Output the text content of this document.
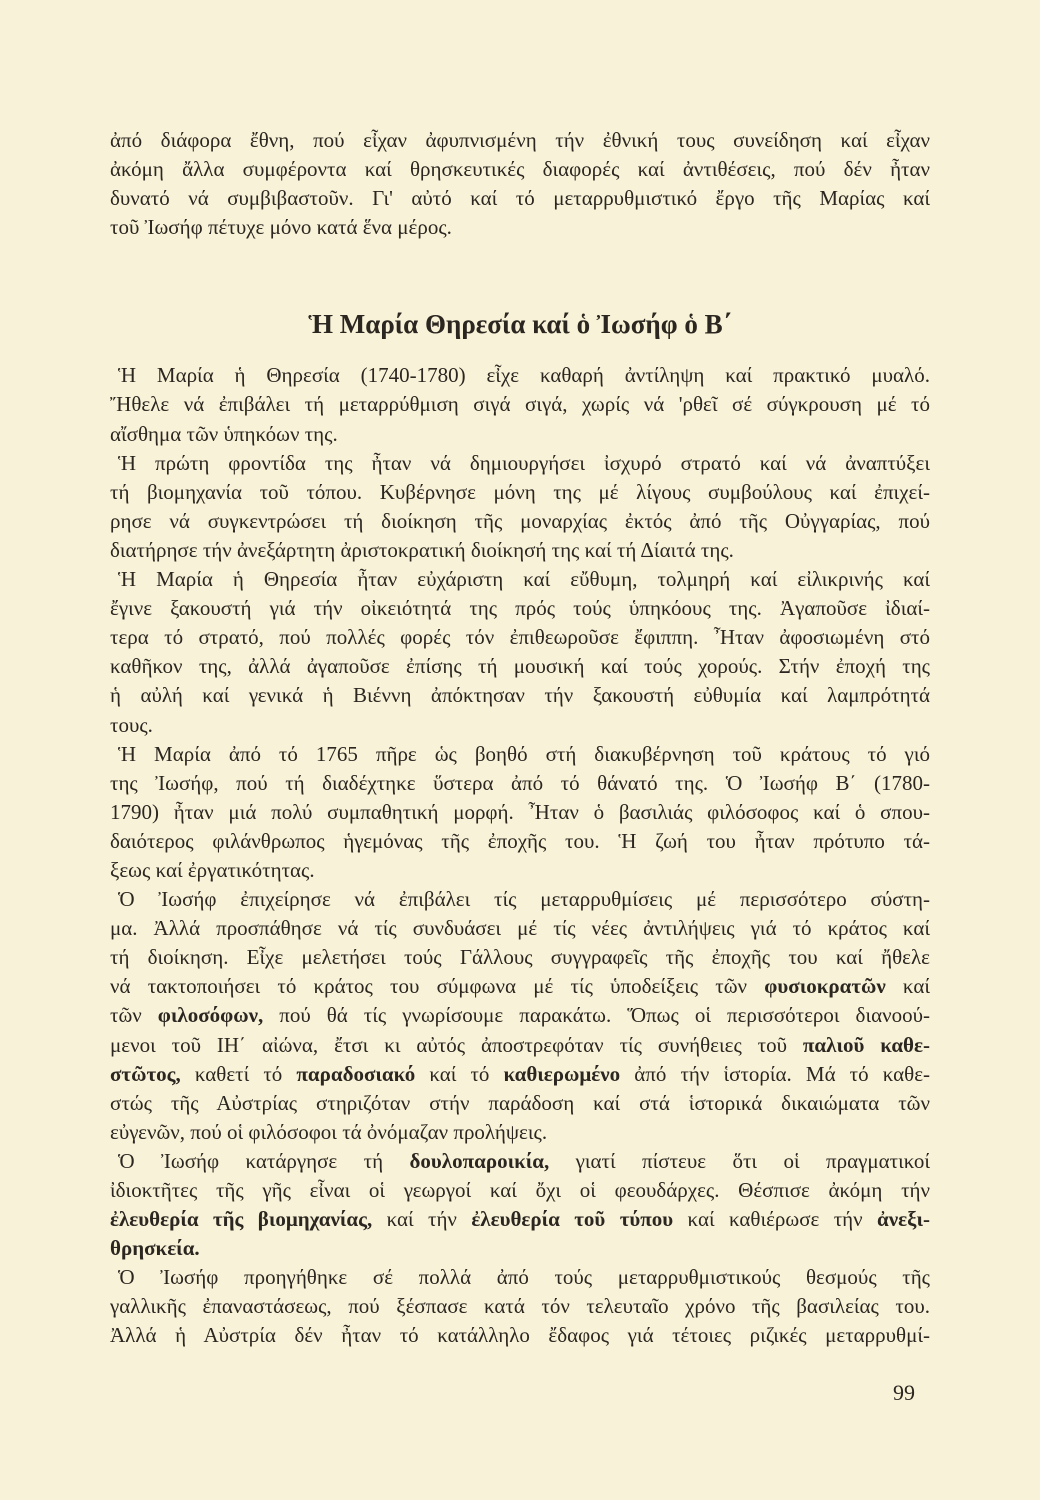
ἀπό διάφορα ἔθνη, πού εἶχαν ἀφυπνισμένη τήν ἐθνική τους συνείδηση καί εἶχαν
ἀκόμη ἄλλα συμφέροντα καί θρησκευτικές διαφορές καί ἀντιθέσεις, πού δέν ἦταν
δυνατό νά συμβιβαστοῦν. Γι' αὐτό καί τό μεταρρυθμιστικό ἔργο τῆς Μαρίας καί
τοῦ Ἰωσήφ πέτυχε μόνο κατά ἕνα μέρος.
Ἡ Μαρία Θηρεσία καί ὁ Ἰωσήφ ὁ Β΄
Ἡ Μαρία ἡ Θηρεσία (1740-1780) εἶχε καθαρή ἀντίληψη καί πρακτικό μυαλό.
Ἤθελε νά ἐπιβάλει τή μεταρρύθμιση σιγά σιγά, χωρίς νά 'ρθεῖ σέ σύγκρουση μέ τό
αἴσθημα τῶν ὑπηκόων της.
Ἡ πρώτη φροντίδα της ἦταν νά δημιουργήσει ἰσχυρό στρατό καί νά ἀναπτύξει
τή βιομηχανία τοῦ τόπου. Κυβέρνησε μόνη της μέ λίγους συμβούλους καί ἐπιχεί-
ρησε νά συγκεντρώσει τή διοίκηση τῆς μοναρχίας ἐκτός ἀπό τῆς Οὐγγαρίας, πού
διατήρησε τήν ἀνεξάρτητη ἀριστοκρατική διοίκησή της καί τή Δίαιτά της.
Ἡ Μαρία ἡ Θηρεσία ἦταν εὐχάριστη καί εὔθυμη, τολμηρή καί εἰλικρινής καί
ἔγινε ξακουστή γιά τήν οἰκειότητά της πρός τούς ὑπηκόους της. Ἀγαποῦσε ἰδιαί-
τερα τό στρατό, πού πολλές φορές τόν ἐπιθεωροῦσε ἔφιππη. Ἦταν ἀφοσιωμένη στό
καθῆκον της, ἀλλά ἀγαποῦσε ἐπίσης τή μουσική καί τούς χορούς. Στήν ἐποχή της
ἡ αὐλή καί γενικά ἡ Βιέννη ἀπόκτησαν τήν ξακουστή εὐθυμία καί λαμπρότητά
τους.
Ἡ Μαρία ἀπό τό 1765 πῆρε ὡς βοηθό στή διακυβέρνηση τοῦ κράτους τό γιό
της Ἰωσήφ, πού τή διαδέχτηκε ὕστερα ἀπό τό θάνατό της. Ὁ Ἰωσήφ Β΄ (1780-
1790) ἦταν μιά πολύ συμπαθητική μορφή. Ἦταν ὁ βασιλιάς φιλόσοφος καί ὁ σπου-
δαιότερος φιλάνθρωπος ἡγεμόνας τῆς ἐποχῆς του. Ἡ ζωή του ἦταν πρότυπο τά-
ξεως καί ἐργατικότητας.
Ὁ Ἰωσήφ ἐπιχείρησε νά ἐπιβάλει τίς μεταρρυθμίσεις μέ περισσότερο σύστη-
μα. Ἀλλά προσπάθησε νά τίς συνδυάσει μέ τίς νέες ἀντιλήψεις γιά τό κράτος καί
τή διοίκηση. Εἶχε μελετήσει τούς Γάλλους συγγραφεῖς τῆς ἐποχῆς του καί ἤθελε
νά τακτοποιήσει τό κράτος του σύμφωνα μέ τίς ὑποδείξεις τῶν φυσιοκρατῶν καί
τῶν φιλοσόφων, πού θά τίς γνωρίσουμε παρακάτω. Ὅπως οἱ περισσότεροι διανοού-
μενοι τοῦ ΙΗ΄ αἰώνα, ἔτσι κι αὐτός ἀποστρεφόταν τίς συνήθειες τοῦ παλιοῦ καθε-
στῶτος, καθετί τό παραδοσιακό καί τό καθιερωμένο ἀπό τήν ἱστορία. Μά τό καθε-
στώς τῆς Αὐστρίας στηριζόταν στήν παράδοση καί στά ἱστορικά δικαιώματα τῶν
εὐγενῶν, πού οἱ φιλόσοφοι τά ὀνόμαζαν προλήψεις.
Ὁ Ἰωσήφ κατάργησε τή δουλοπαροικία, γιατί πίστευε ὅτι οἱ πραγματικοί
ἰδιοκτῆτες τῆς γῆς εἶναι οἱ γεωργοί καί ὄχι οἱ φεουδάρχες. Θέσπισε ἀκόμη τήν
ἐλευθερία τῆς βιομηχανίας, καί τήν ἐλευθερία τοῦ τύπου καί καθιέρωσε τήν ἀνεξι-
θρησκεία.
Ὁ Ἰωσήφ προηγήθηκε σέ πολλά ἀπό τούς μεταρρυθμιστικούς θεσμούς τῆς
γαλλικῆς ἐπαναστάσεως, πού ξέσπασε κατά τόν τελευταῖο χρόνο τῆς βασιλείας του.
Ἀλλά ἡ Αὐστρία δέν ἦταν τό κατάλληλο ἔδαφος γιά τέτοιες ριζικές μεταρρυθμί-
99
